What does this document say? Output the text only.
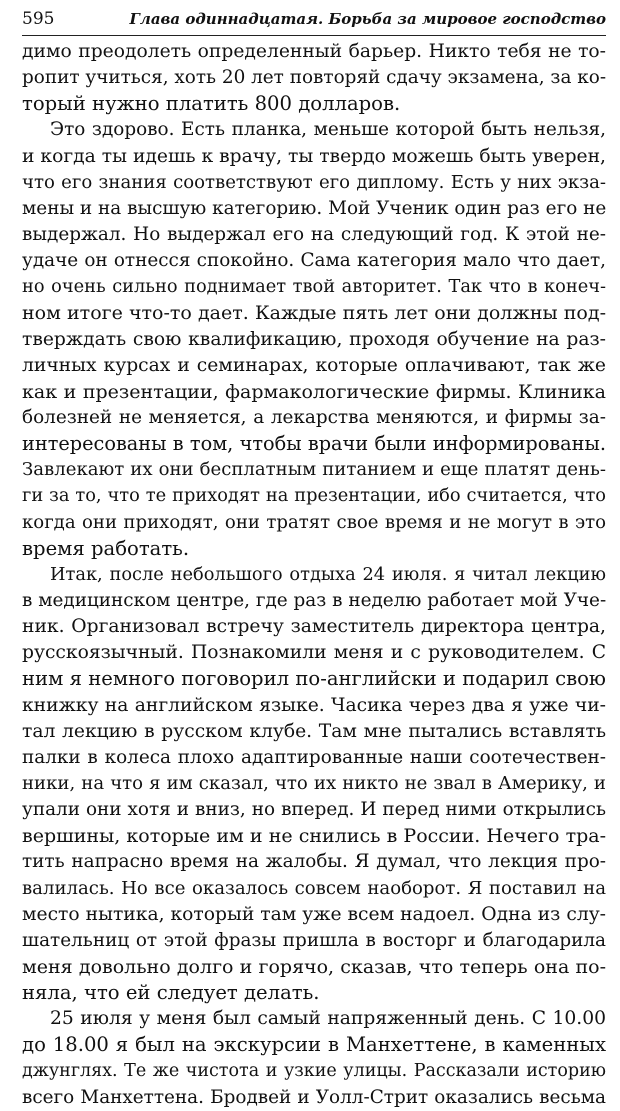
595	Глава одиннадцатая. Борьба за мировое господство
димо преодолеть определенный барьер. Никто тебя не то-
ропит учиться, хоть 20 лет повторяй сдачу экзамена, за ко-
торый нужно платить 800 долларов.
Это здорово. Есть планка, меньше которой быть нельзя,
и когда ты идешь к врачу, ты твердо можешь быть уверен,
что его знания соответствуют его диплому. Есть у них экза-
мены и на высшую категорию. Мой Ученик один раз его не
выдержал. Но выдержал его на следующий год. К этой не-
удаче он отнесся спокойно. Сама категория мало что дает,
но очень сильно поднимает твой авторитет. Так что в конеч-
ном итоге что-то дает. Каждые пять лет они должны под-
тверждать свою квалификацию, проходя обучение на раз-
личных курсах и семинарах, которые оплачивают, так же
как и презентации, фармакологические фирмы. Клиника
болезней не меняется, а лекарства меняются, и фирмы за-
интересованы в том, чтобы врачи были информированы.
Завлекают их они бесплатным питанием и еще платят день-
ги за то, что те приходят на презентации, ибо считается, что
когда они приходят, они тратят свое время и не могут в это
время работать.
Итак, после небольшого отдыха 24 июля. я читал лекцию
в медицинском центре, где раз в неделю работает мой Уче-
ник. Организовал встречу заместитель директора центра,
русскоязычный. Познакомили меня и с руководителем. С
ним я немного поговорил по-английски и подарил свою
книжку на английском языке. Часика через два я уже чи-
тал лекцию в русском клубе. Там мне пытались вставлять
палки в колеса плохо адаптированные наши соотечествен-
ники, на что я им сказал, что их никто не звал в Америку, и
упали они хотя и вниз, но вперед. И перед ними открылись
вершины, которые им и не снились в России. Нечего тра-
тить напрасно время на жалобы. Я думал, что лекция про-
валилась. Но все оказалось совсем наоборот. Я поставил на
место нытика, который там уже всем надоел. Одна из слу-
шательниц от этой фразы пришла в восторг и благодарила
меня довольно долго и горячо, сказав, что теперь она по-
няла, что ей следует делать.
25 июля у меня был самый напряженный день. С 10.00
до 18.00 я был на экскурсии в Манхеттене, в каменных
джунглях. Те же чистота и узкие улицы. Рассказали историю
всего Манхеттена. Бродвей и Уолл-Стрит оказались весьма
